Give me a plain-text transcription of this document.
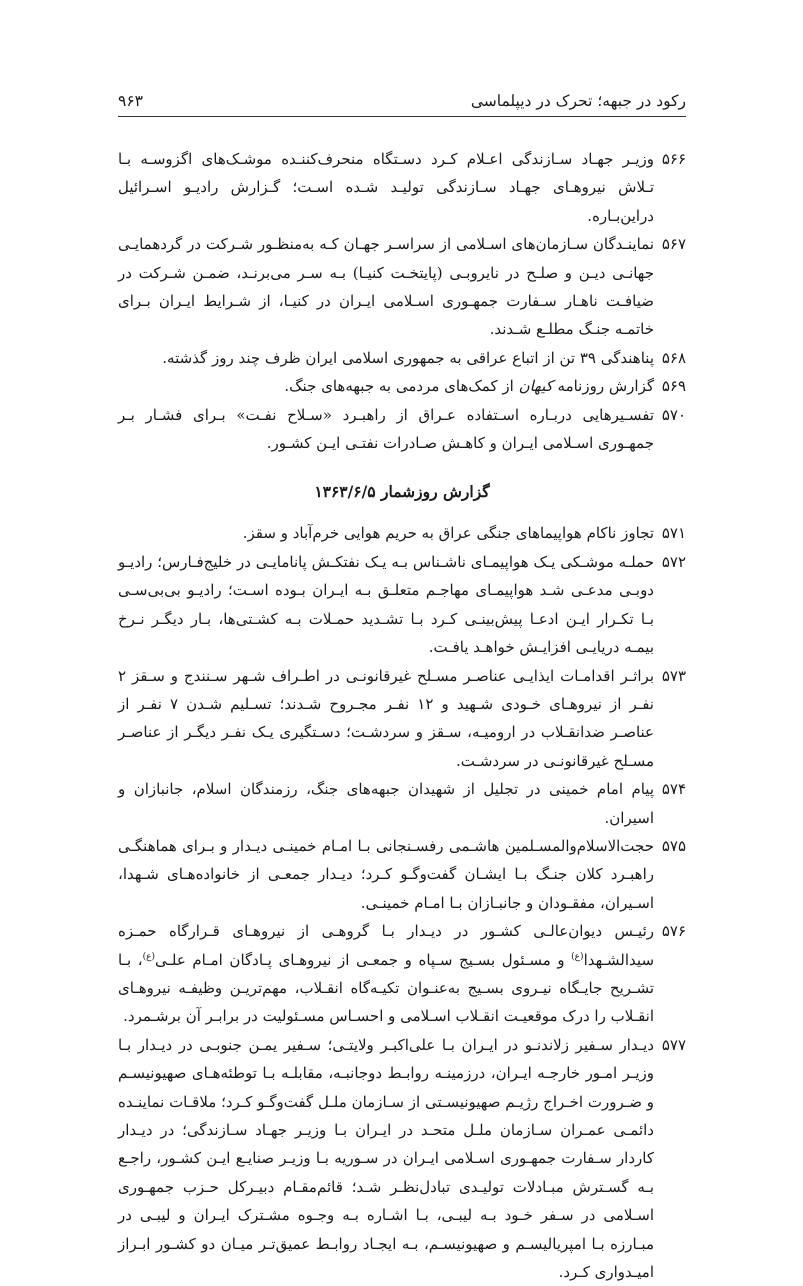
رکود در جبهه؛ تحرک در دیپلماسی
۹۶۳

۵۶۶وزیـر جهـاد سـازندگی اعـلام کـرد دسـتگاه منحرف‌کننـده موشـک‌های اگزوسـه بـا تـلاش نیروهـای جهـاد سـازندگی تولیـد شـده اسـت؛ گـزارش رادیـو اسـرائیل دراین‌بـاره.

۵۶۷نماینـدگان سـازمان‌های اسـلامی از سراسـر جهـان کـه به‌منظـور شـرکت در گردهمایـی جهانـی دیـن و صلـح در نایروبـی (پایتخـت کنیـا) بـه سـر می‌برنـد، ضمـن شـرکت در ضیافـت ناهـار سـفارت جمهـوری اسـلامی ایـران در کنیـا، از شـرایط ایـران بـرای خاتمـه جنـگ مطلـع شـدند.

۵۶۸پناهندگی ۳۹ تن از اتباع عراقی به جمهوری اسلامی ایران ظرف چند روز گذشته.

۵۶۹گزارش روزنامه کیهان از کمک‌های مردمی به جبهه‌های جنگ.

۵۷۰تفسـیرهایی دربـاره اسـتفاده عـراق از راهبـرد «سـلاح نفـت» بـرای فشـار بـر جمهـوری اسـلامی ایـران و کاهـش صـادرات نفتـی ایـن کشـور.

گزارش روزشمار ۱۳۶۳/۶/۵

۵۷۱تجاوز ناکام هواپیماهای جنگی عراق به حریم هوایی خرم‌آباد و سقز.

۵۷۲حملـه موشـکی یـک هواپیمـای ناشـناس بـه یـک نفتکـش پانامایـی در خلیج‌فـارس؛ رادیـو دوبـی مدعـی شـد هواپیمـای مهاجـم متعلـق بـه ایـران بـوده اسـت؛ رادیـو بی‌بی‌سـی بـا تکـرار ایـن ادعـا پیش‌بینـی کـرد بـا تشـدید حمـلات بـه کشـتی‌ها، بـار دیگـر نـرخ بیمـه دریایـی افزایـش خواهـد یافـت.

۵۷۳براثـر اقدامـات ایذایـی عناصـر مسـلح غیرقانونـی در اطـراف شـهر سـنندج و سـقز ۲ نفـر از نیروهـای خـودی شـهید و ۱۲ نفـر مجـروح شـدند؛ تسـلیم شـدن ۷ نفـر از عناصـر ضدانقـلاب در ارومیـه، سـقز و سردشـت؛ دسـتگیری یـک نفـر دیگـر از عناصـر مسـلح غیرقانونـی در سردشـت.

۵۷۴پیام امام خمینی در تجلیل از شهیدان جبهه‌های جنگ، رزمندگان اسلام، جانبازان و اسیران.

۵۷۵حجت‌الاسلام‌والمسـلمین هاشـمی رفسـنجانی بـا امـام خمینـی دیـدار و بـرای هماهنگـی راهبـرد کلان جنـگ بـا ایشـان گفت‌وگـو کـرد؛ دیـدار جمعـی از خانواده‌هـای شـهدا، اسـیران، مفقـودان و جانبـازان بـا امـام خمینـی.

۵۷۶رئیـس دیوان‌عالـی کشـور در دیـدار بـا گروهـی از نیروهـای قـرارگاه حمـزه سیدالشـهدا$^{(ع)}$ و مسـئول بسـیج سـپاه و جمعـی از نیروهـای پـادگان امـام علـی$^{(ع)}$، بـا تشـریح جایـگاه نیـروی بسـیج به‌عنـوان تکیـه‌گاه انقـلاب، مهم‌تریـن وظیفـه نیروهـای انقـلاب را درک موقعیـت انقـلاب اسـلامی و احسـاس مسـئولیت در برابـر آن برشـمرد.

۵۷۷دیـدار سـفیر زلاندنـو در ایـران بـا علی‌اکبـر ولایتـی؛ سـفیر یمـن جنوبـی در دیـدار بـا وزیـر امـور خارجـه ایـران، درزمینـه روابـط دوجانبـه، مقابلـه بـا توطئه‌هـای صهیونیسـم و ضـرورت اخـراج رژیـم صهیونیسـتی از سـازمان ملـل گفت‌وگـو کـرد؛ ملاقـات نماینـده دائمـی عمـران سـازمان ملـل متحـد در ایـران بـا وزیـر جهـاد سـازندگی؛ در دیـدار کاردار سـفارت جمهـوری اسـلامی ایـران در سـوریه بـا وزیـر صنایـع ایـن کشـور، راجـع بـه گسـترش مبـادلات تولیـدی تبادل‌نظـر شـد؛ قائم‌مقـام دبیـرکل حـزب جمهـوری اسـلامی در سـفر خـود بـه لیبـی، بـا اشـاره بـه وجـوه مشـترک ایـران و لیبـی در مبـارزه بـا امپریالیسـم و صهیونیسـم، بـه ایجـاد روابـط عمیق‌تـر میـان دو کشـور ابـراز امیـدواری کـرد.
